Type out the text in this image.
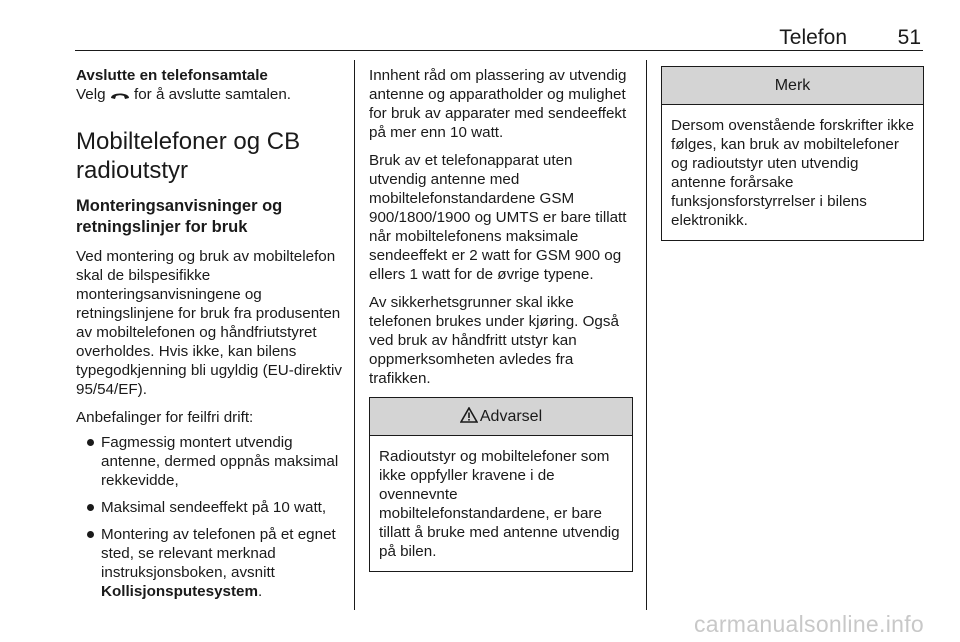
Telefon 51
Avslutte en telefonsamtale

Velg  for å avslutte samtalen.

Mobiltelefoner og CB radioutstyr
Monteringsanvisninger og retningslinjer for bruk

Ved montering og bruk av mobiltelefon skal de bilspesifikke monteringsanvisningene og retningslinjene for bruk fra produsenten av mobiltelefonen og håndfriutstyret overholdes. Hvis ikke, kan bilens typegodkjenning bli ugyldig (EU-direktiv 95/54/EF).

Anbefalinger for feilfri drift:

Fagmessig montert utvendig antenne, dermed oppnås maksimal rekkevidde,
Maksimal sendeeffekt på 10 watt,
Montering av telefonen på et egnet sted, se relevant merknad instruksjonsboken, avsnitt Kollisjonsputesystem.

Innhent råd om plassering av utvendig antenne og apparatholder og mulighet for bruk av apparater med sendeeffekt på mer enn 10 watt.

Bruk av et telefonapparat uten utvendig antenne med mobiltelefonstandardene GSM 900/1800/1900 og UMTS er bare tillatt når mobiltelefonens maksimale sendeeffekt er 2 watt for GSM 900 og ellers 1 watt for de øvrige typene.

Av sikkerhetsgrunner skal ikke telefonen brukes under kjøring. Også ved bruk av håndfritt utstyr kan oppmerksomheten avledes fra trafikken.

Advarsel
Radioutstyr og mobiltelefoner som ikke oppfyller kravene i de ovennevnte mobiltelefonstandardene, er bare tillatt å bruke med antenne utvendig på bilen.
Merk
Dersom ovenstående forskrifter ikke følges, kan bruk av mobiltelefoner og radioutstyr uten utvendig antenne forårsake funksjonsforstyrrelser i bilens elektronikk.
carmanualsonline.info
